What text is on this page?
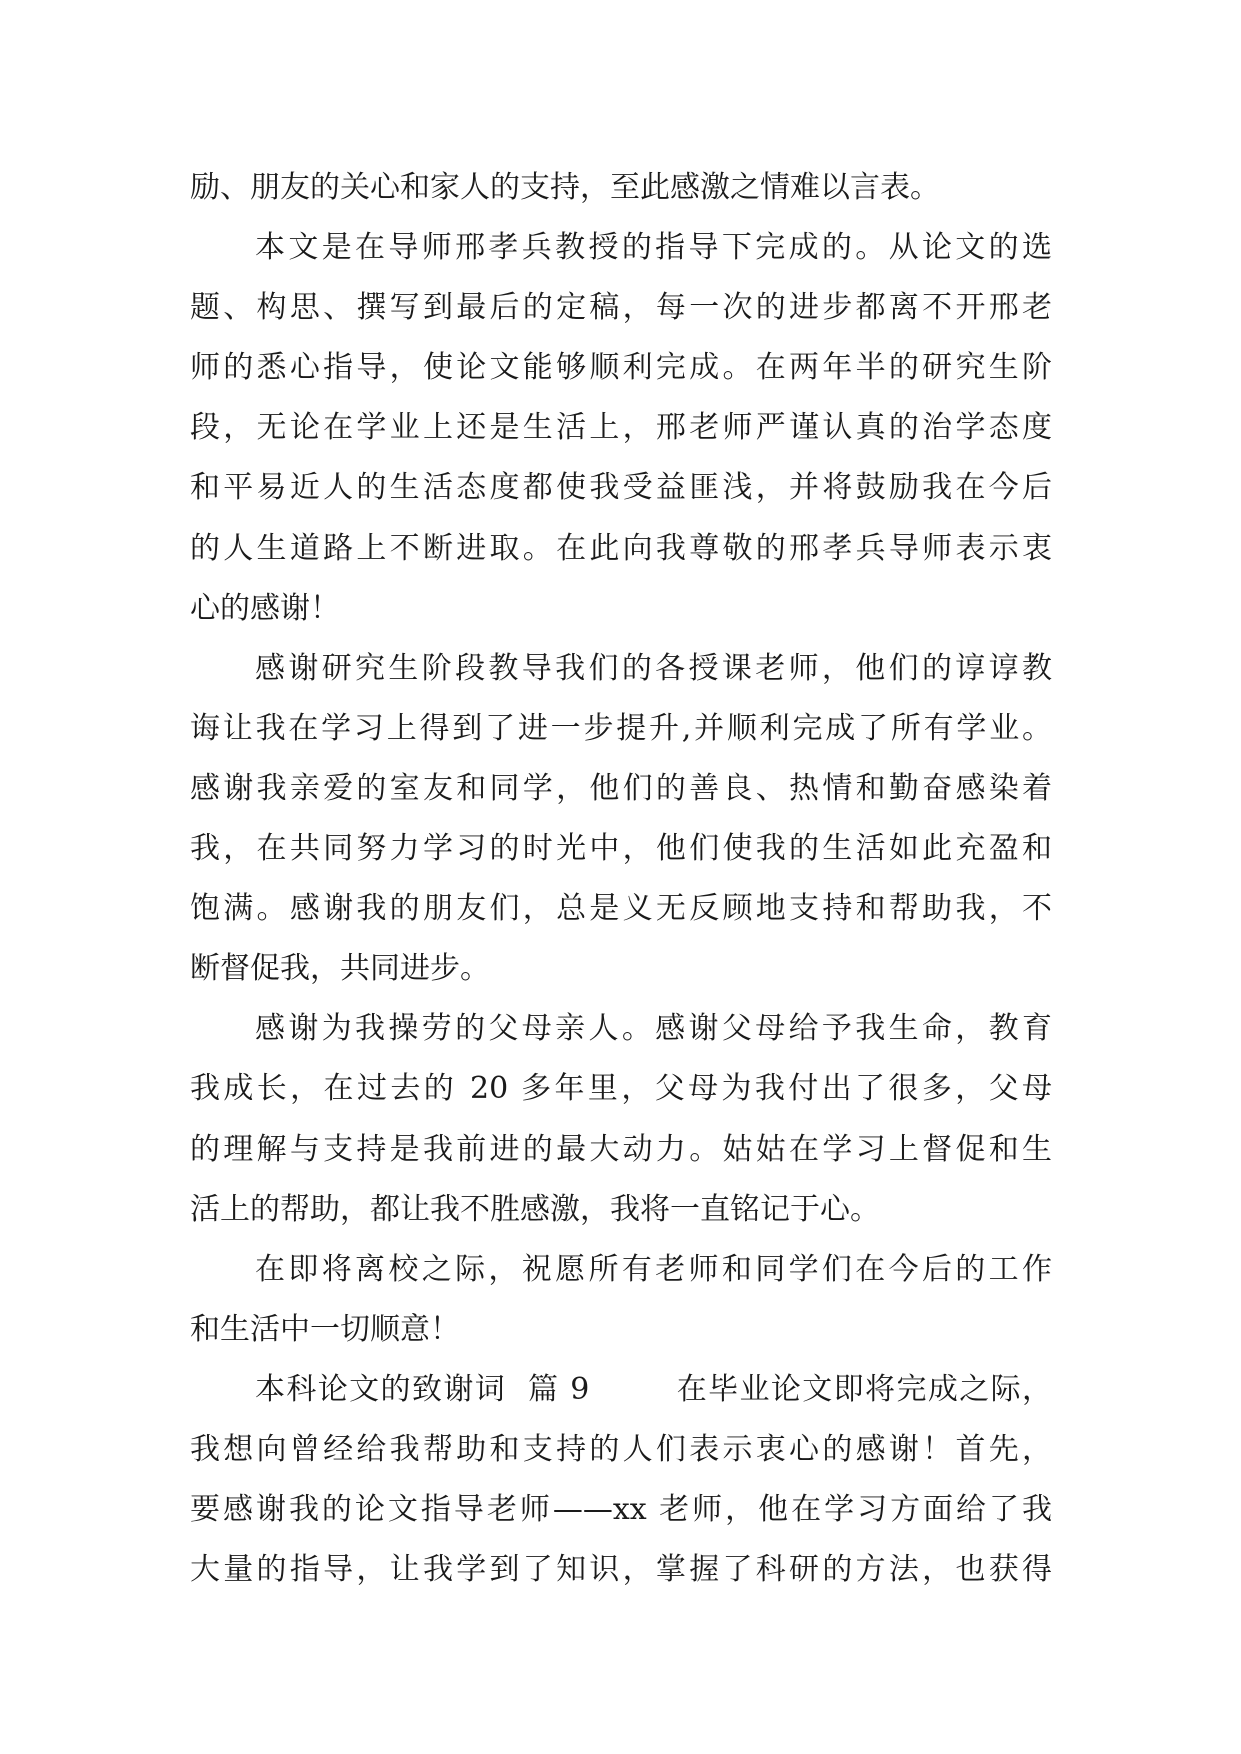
励、朋友的关心和家人的支持，至此感激之情难以言表。
本文是在导师邢孝兵教授的指导下完成的。从论文的选
题、构思、撰写到最后的定稿，每一次的进步都离不开邢老
师的悉心指导，使论文能够顺利完成。在两年半的研究生阶
段，无论在学业上还是生活上，邢老师严谨认真的治学态度
和平易近人的生活态度都使我受益匪浅，并将鼓励我在今后
的人生道路上不断进取。在此向我尊敬的邢孝兵导师表示衷
心的感谢！
感谢研究生阶段教导我们的各授课老师，他们的谆谆教
诲让我在学习上得到了进一步提升,并顺利完成了所有学业。
感谢我亲爱的室友和同学，他们的善良、热情和勤奋感染着
我，在共同努力学习的时光中，他们使我的生活如此充盈和
饱满。感谢我的朋友们，总是义无反顾地支持和帮助我，不
断督促我，共同进步。
感谢为我操劳的父母亲人。感谢父母给予我生命，教育
我成长，在过去的 20 多年里，父母为我付出了很多，父母
的理解与支持是我前进的最大动力。姑姑在学习上督促和生
活上的帮助，都让我不胜感激，我将一直铭记于心。
在即将离校之际，祝愿所有老师和同学们在今后的工作
和生活中一切顺意！
本科论文的致谢词  篇 9        在毕业论文即将完成之际，
我想向曾经给我帮助和支持的人们表示衷心的感谢！首先，
要感谢我的论文指导老师——xx 老师，他在学习方面给了我
大量的指导，让我学到了知识，掌握了科研的方法，也获得
